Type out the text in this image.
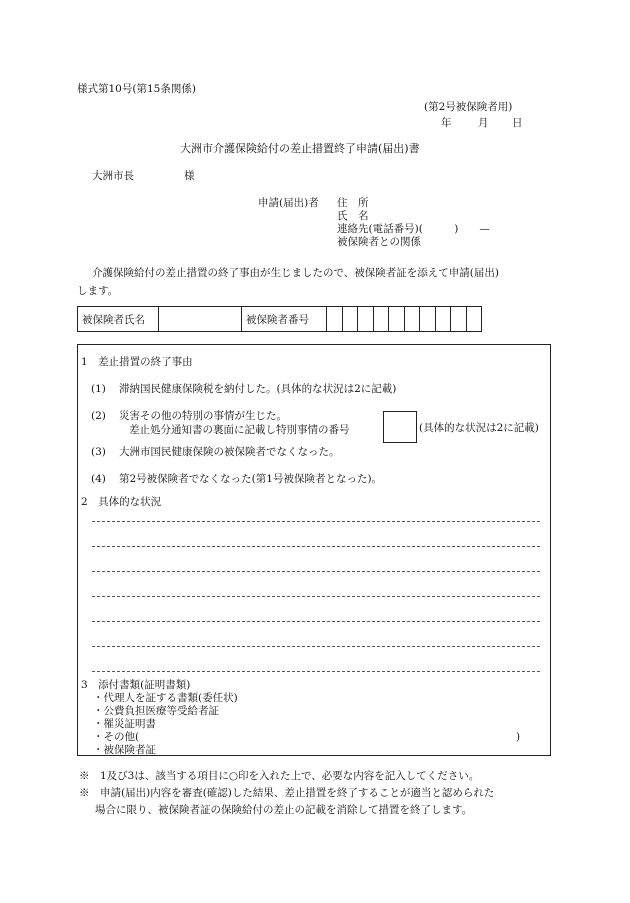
様式第10号(第15条関係)
(第2号被保険者用)
年	月 日
大洲市介護保険給付の差止措置終了申請(届出)書
大洲市長	様
申請(届出)者 住　所
氏　名
連絡先(電話番号)(　　　)　　—
被保険者との関係
介護保険給付の差止措置の終了事由が生じましたので、被保険者証を添えて申請(届出)
します。
被保険者氏名		被保険者番号										
1　差止措置の終了事由
(1) 滞納国民健康保険税を納付した。(具体的な状況は2に記載)
(2) 災害その他の特別の事情が生じた。
差止処分通知書の裏面に記載し特別事情の番号	(具体的な状況は2に記載)
(3) 大洲市国民健康保険の被保険者でなくなった。
(4) 第2号被保険者でなくなった(第1号被保険者となった)。
2　具体的な状況
3　添付書類(証明書類)
・代理人を証する書類(委任状)
・公費負担医療等受給者証
・罹災証明書
・その他(	)
・被保険者証
※　1及び3は、該当する項目に○印を入れた上で、必要な内容を記入してください。
※　申請(届出)内容を審査(確認)した結果、差止措置を終了することが適当と認められた
場合に限り、被保険者証の保険給付の差止の記載を消除して措置を終了します。
